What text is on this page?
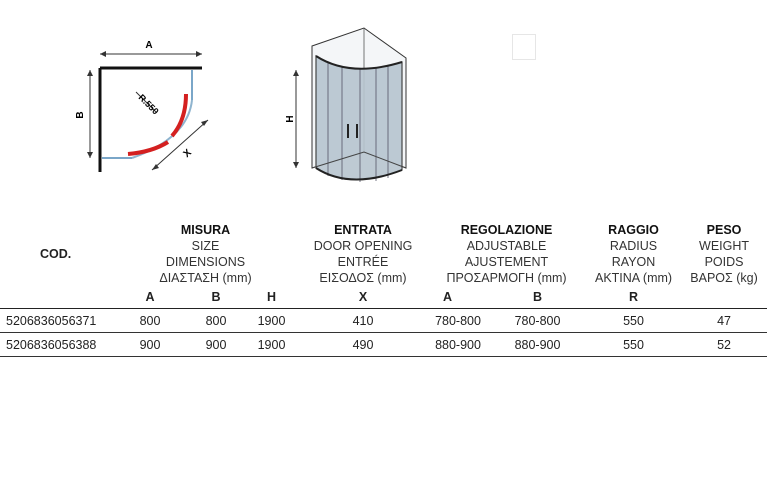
A
B	R.550
X
H
COD.	MISURA
SIZE
DIMENSIONS
ΔΙΑΣΤΑΣΗ (mm)			ENTRATA
DOOR OPENING
ENTRÉE
ΕΙΣΟΔΟΣ (mm)	REGOLAZIONE
ADJUSTABLE
AJUSTEMENT
ΠΡΟΣΑΡΜΟΓΗ (mm)		RAGGIO
RADIUS
RAYON
ΑΚΤΙΝΑ (mm)	PESO
WEIGHT
POIDS
ΒΑΡΟΣ (kg)

	A	B	H	X	A	B	R	
5206836056371	800	800	1900	410	780-800	780-800	550	47
5206836056388	900	900	1900	490	880-900	880-900	550	52
